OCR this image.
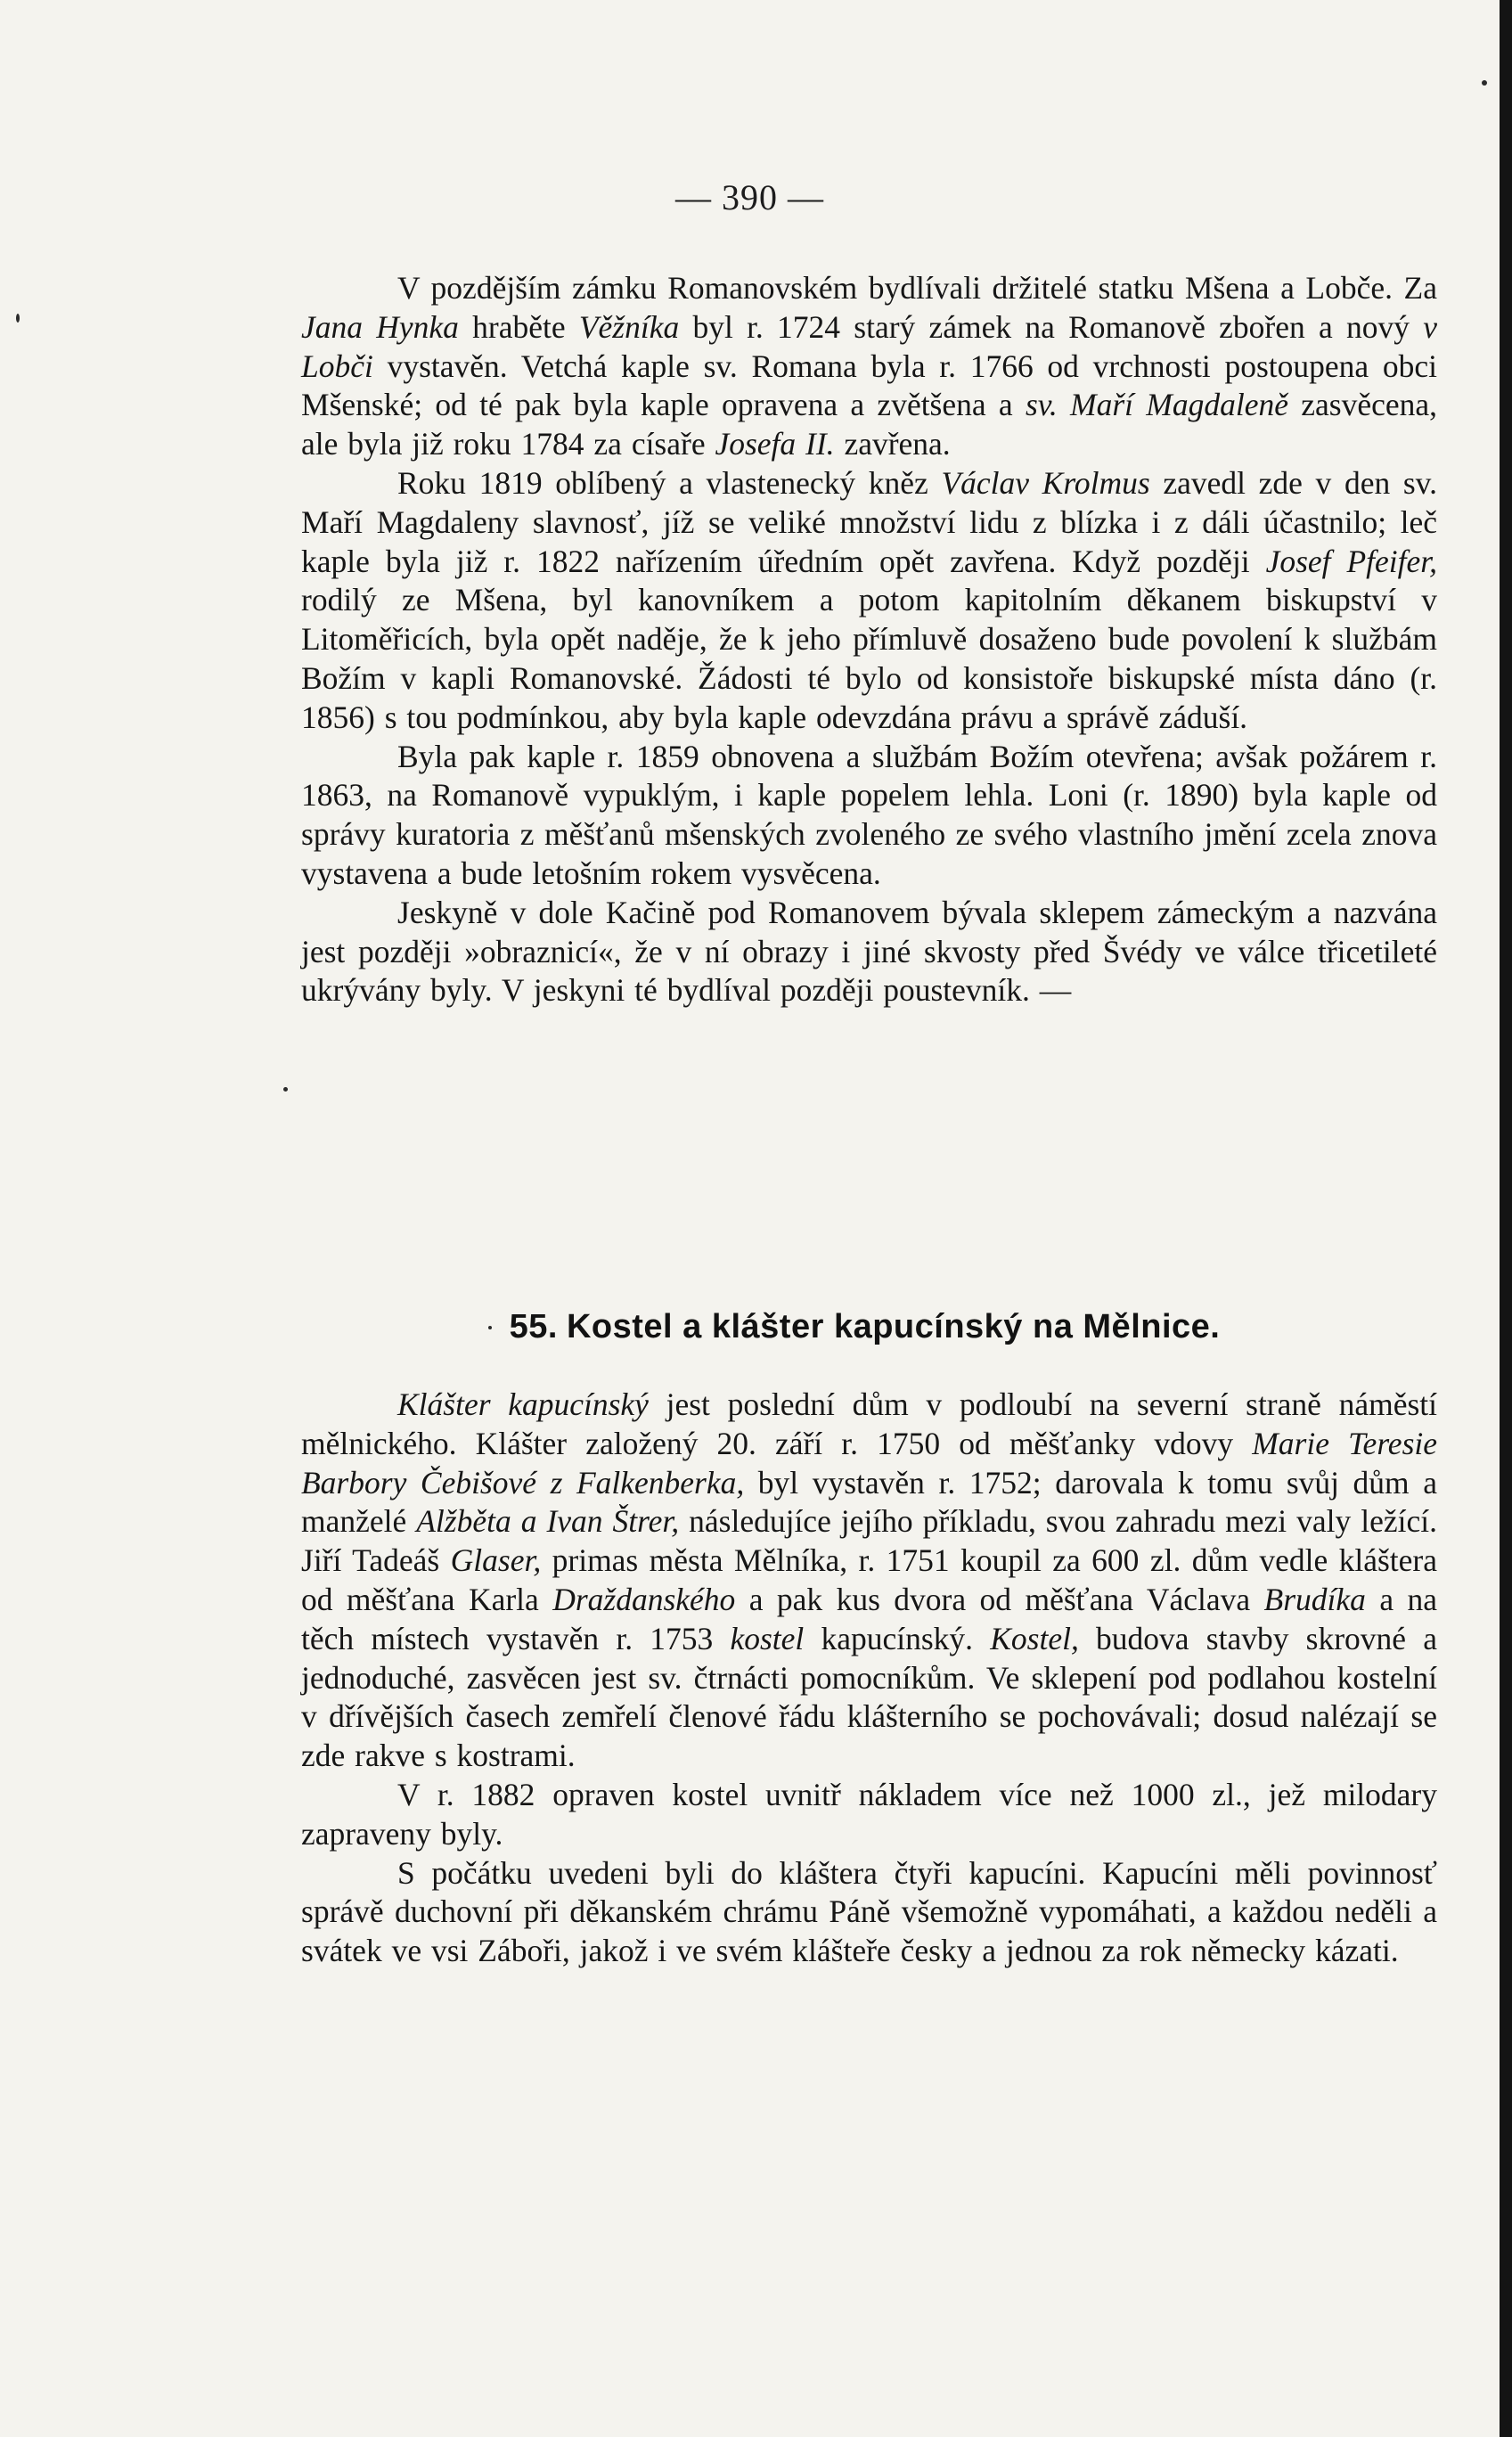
— 390 —

V pozdějším zámku Romanovském bydlívali držitelé statku Mšena a Lobče. Za Jana Hynka hraběte Věžníka byl r. 1724 starý zámek na Romanově zbořen a nový v Lobči vystavěn. Vetchá kaple sv. Romana byla r. 1766 od vrchnosti postoupena obci Mšenské; od té pak byla kaple opravena a zvětšena a sv. Maří Magdaleně zasvěcena, ale byla již roku 1784 za císaře Josefa II. zavřena.

Roku 1819 oblíbený a vlastenecký kněz Václav Krolmus zavedl zde v den sv. Maří Magdaleny slavnosť, jíž se veliké množství lidu z blízka i z dáli účastnilo; leč kaple byla již r. 1822 nařízením úředním opět zavřena. Když později Josef Pfeifer, rodilý ze Mšena, byl kanovníkem a potom kapitolním děkanem biskupství v Litoměřicích, byla opět naděje, že k jeho přímluvě dosaženo bude povolení k službám Božím v kapli Romanovské. Žádosti té bylo od konsistoře biskupské místa dáno (r. 1856) s tou podmínkou, aby byla kaple odevzdána právu a správě záduší.

Byla pak kaple r. 1859 obnovena a službám Božím otevřena; avšak požárem r. 1863, na Romanově vypuklým, i kaple popelem lehla. Loni (r. 1890) byla kaple od správy kuratoria z měšťanů mšenských zvoleného ze svého vlastního jmění zcela znova vystavena a bude letošním rokem vysvěcena.

Jeskyně v dole Kačině pod Romanovem bývala sklepem zámeckým a nazvána jest později »obraznicí«, že v ní obrazy i jiné skvosty před Švédy ve válce třicetileté ukrývány byly. V jeskyni té bydlíval později poustevník. —

55. Kostel a klášter kapucínský na Mělnice.

Klášter kapucínský jest poslední dům v podloubí na severní straně náměstí mělnického. Klášter založený 20. září r. 1750 od měšťanky vdovy Marie Teresie Barbory Čebišové z Falkenberka, byl vystavěn r. 1752; darovala k tomu svůj dům a manželé Alžběta a Ivan Štrer, následujíce jejího příkladu, svou zahradu mezi valy ležící. Jiří Tadeáš Glaser, primas města Mělníka, r. 1751 koupil za 600 zl. dům vedle kláštera od měšťana Karla Draždanského a pak kus dvora od měšťana Václava Brudíka a na těch místech vystavěn r. 1753 kostel kapucínský. Kostel, budova stavby skrovné a jednoduché, zasvěcen jest sv. čtrnácti pomocníkům. Ve sklepení pod podlahou kostelní v dřívějších časech zemřelí členové řádu klášterního se pochovávali; dosud nalézají se zde rakve s kostrami.

V r. 1882 opraven kostel uvnitř nákladem více než 1000 zl., jež milodary zapraveny byly.

S počátku uvedeni byli do kláštera čtyři kapucíni. Kapucíni měli povinnosť správě duchovní při děkanském chrámu Páně všemožně vypomáhati, a každou neděli a svátek ve vsi Záboři, jakož i ve svém klášteře česky a jednou za rok německy kázati.
